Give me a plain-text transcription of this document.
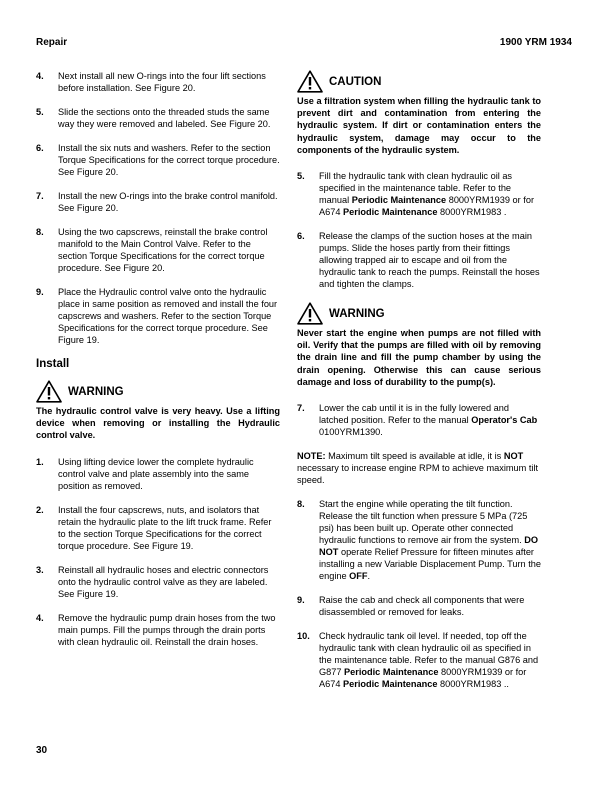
Repair	1900 YRM 1934
4. Next install all new O-rings into the four lift sections before installation. See Figure 20.
5. Slide the sections onto the threaded studs the same way they were removed and labeled. See Figure 20.
6. Install the six nuts and washers. Refer to the section Torque Specifications for the correct torque procedure. See Figure 20.
7. Install the new O-rings into the brake control manifold. See Figure 20.
8. Using the two capscrews, reinstall the brake control manifold to the Main Control Valve. Refer to the section Torque Specifications for the correct torque procedure. See Figure 20.
9. Place the Hydraulic control valve onto the hydraulic place in same position as removed and install the four capscrews and washers. Refer to the section Torque Specifications for the correct torque procedure. See Figure 19.
Install
WARNING
The hydraulic control valve is very heavy. Use a lifting device when removing or installing the Hydraulic control valve.
1. Using lifting device lower the complete hydraulic control valve and plate assembly into the same position as removed.
2. Install the four capscrews, nuts, and isolators that retain the hydraulic plate to the lift truck frame. Refer to the section Torque Specifications for the correct torque procedure. See Figure 19.
3. Reinstall all hydraulic hoses and electric connectors onto the hydraulic control valve as they are labeled. See Figure 19.
4. Remove the hydraulic pump drain hoses from the two main pumps. Fill the pumps through the drain ports with clean hydraulic oil. Reinstall the drain hoses.
CAUTION
Use a filtration system when filling the hydraulic tank to prevent dirt and contamination from entering the hydraulic system. If dirt or contamination enters the hydraulic system, damage may occur to the components of the hydraulic system.
5. Fill the hydraulic tank with clean hydraulic oil as specified in the maintenance table. Refer to the manual Periodic Maintenance 8000YRM1939 or for A674 Periodic Maintenance 8000YRM1983 .
6. Release the clamps of the suction hoses at the main pumps. Slide the hoses partly from their fittings allowing trapped air to escape and oil from the hydraulic tank to reach the pumps. Reinstall the hoses and tighten the clamps.
WARNING
Never start the engine when pumps are not filled with oil. Verify that the pumps are filled with oil by removing the drain line and fill the pump chamber by using the drain opening. Otherwise this can cause serious damage and loss of durability to the pump(s).
7. Lower the cab until it is in the fully lowered and latched position. Refer to the manual Operator's Cab 0100YRM1390.
NOTE: Maximum tilt speed is available at idle, it is NOT necessary to increase engine RPM to achieve maximum tilt speed.
8. Start the engine while operating the tilt function. Release the tilt function when pressure 5 MPa (725 psi) has been built up. Operate other connected hydraulic functions to remove air from the system. DO NOT operate Relief Pressure for fifteen minutes after installing a new Variable Displacement Pump. Turn the engine OFF.
9. Raise the cab and check all components that were disassembled or removed for leaks.
10. Check hydraulic tank oil level. If needed, top off the hydraulic tank with clean hydraulic oil as specified in the maintenance table. Refer to the manual G876 and G877 Periodic Maintenance 8000YRM1939 or for A674 Periodic Maintenance 8000YRM1983 ..
30
